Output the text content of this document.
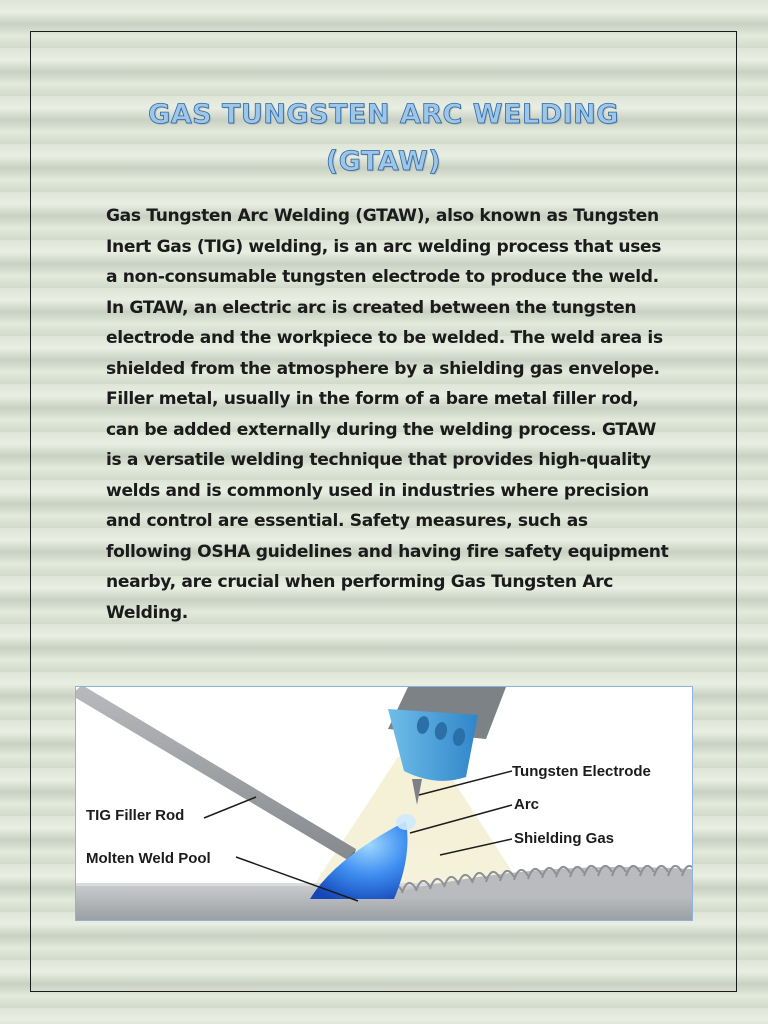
GAS TUNGSTEN ARC WELDING
(GTAW)

Gas Tungsten Arc Welding (GTAW), also known as Tungsten Inert Gas (TIG) welding, is an arc welding process that uses a non-consumable tungsten electrode to produce the weld. In GTAW, an electric arc is created between the tungsten electrode and the workpiece to be welded. The weld area is shielded from the atmosphere by a shielding gas envelope. Filler metal, usually in the form of a bare metal filler rod, can be added externally during the welding process. GTAW is a versatile welding technique that provides high-quality welds and is commonly used in industries where precision and control are essential. Safety measures, such as following OSHA guidelines and having fire safety equipment nearby, are crucial when performing Gas Tungsten Arc Welding.

Tungsten Electrode
Arc
Shielding Gas
TIG Filler Rod
Molten Weld Pool
